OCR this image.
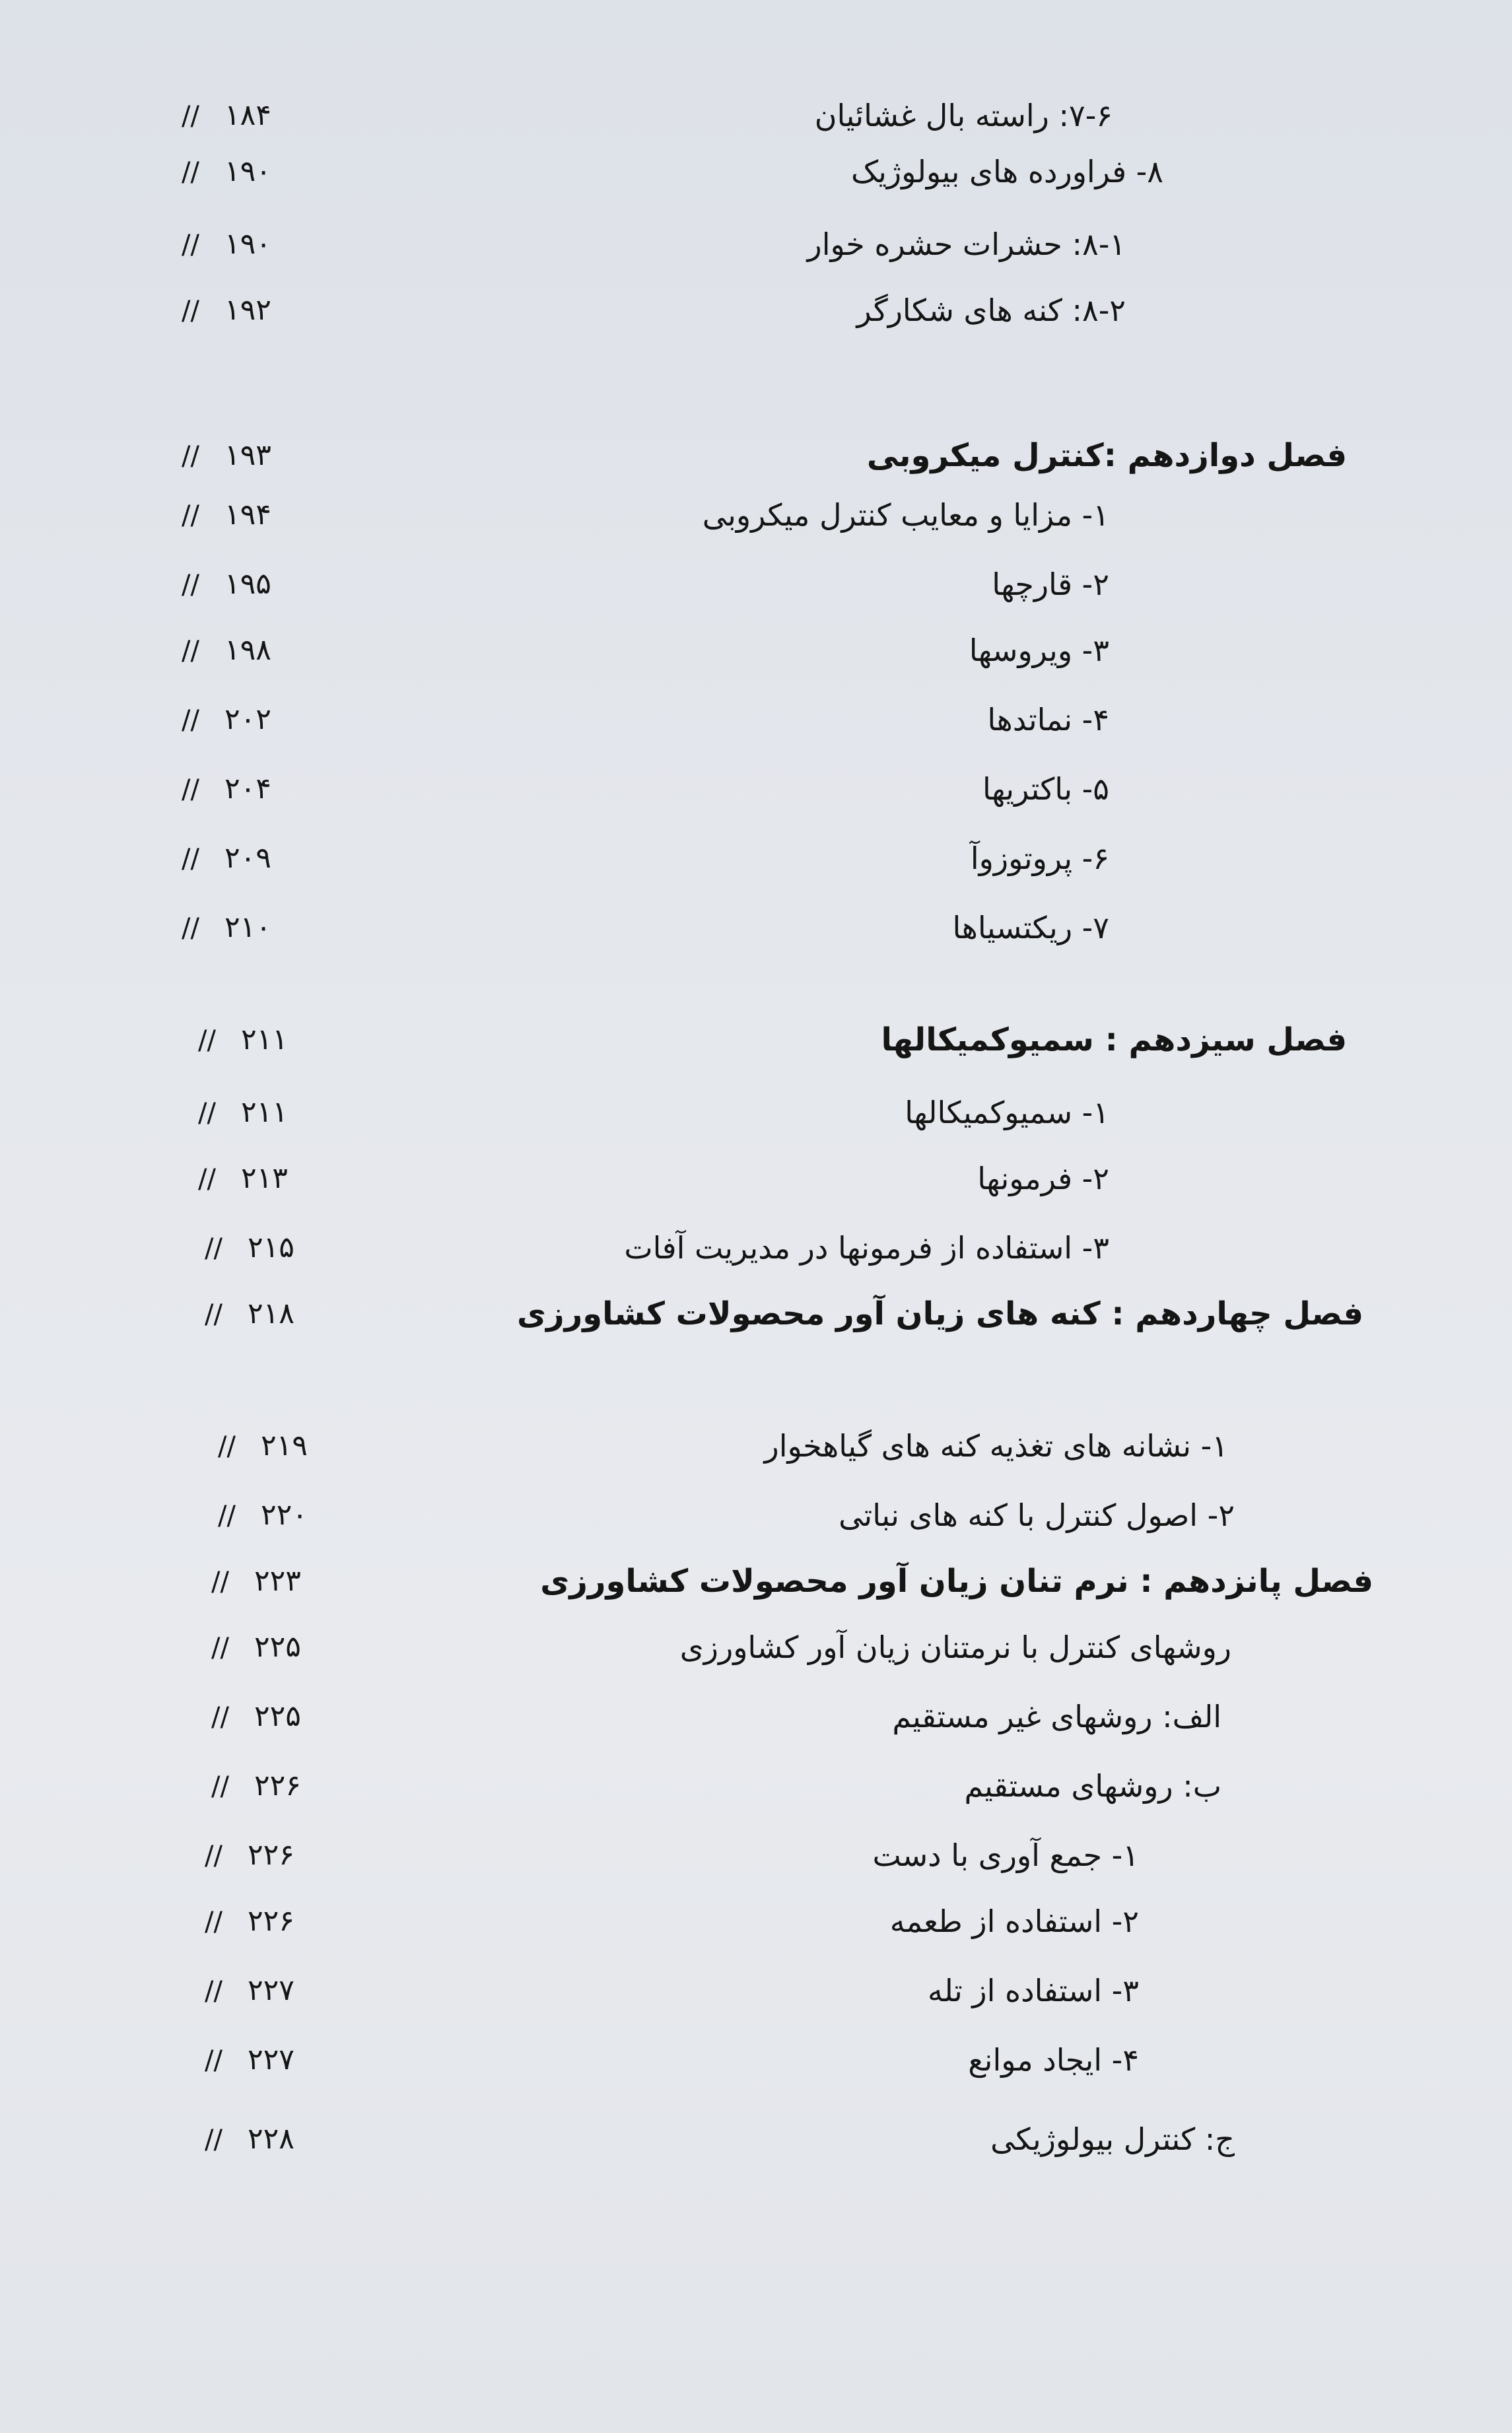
۷-۶: راسته بال غشائیان
// ۱۸۴
۸- فراورده های بیولوژیک
// ۱۹۰
۸-۱: حشرات حشره خوار
// ۱۹۰
۸-۲: کنه های شکارگر
// ۱۹۲
فصل دوازدهم :کنترل میکروبی
// ۱۹۳
۱- مزایا و معایب کنترل میکروبی
// ۱۹۴
۲- قارچها
// ۱۹۵
۳- ویروسها
// ۱۹۸
۴- نماتدها
// ۲۰۲
۵- باکتریها
// ۲۰۴
۶- پروتوزوآ
// ۲۰۹
۷- ریکتسیاها
// ۲۱۰
فصل سیزدهم : سمیوکمیکالها
// ۲۱۱
۱- سمیوکمیکالها
// ۲۱۱
۲- فرمونها
// ۲۱۳
۳- استفاده از فرمونها در مدیریت آفات
// ۲۱۵
فصل چهاردهم : کنه های زیان آور محصولات کشاورزی
// ۲۱۸
۱- نشانه های تغذیه کنه های گیاهخوار
// ۲۱۹
۲- اصول کنترل با کنه های نباتی
// ۲۲۰
فصل پانزدهم : نرم تنان زیان آور محصولات کشاورزی
// ۲۲۳
روشهای کنترل با نرمتنان زیان آور کشاورزی
// ۲۲۵
الف: روشهای غیر مستقیم
// ۲۲۵
ب: روشهای مستقیم
// ۲۲۶
۱- جمع آوری با دست
// ۲۲۶
۲- استفاده از طعمه
// ۲۲۶
۳- استفاده از تله
// ۲۲۷
۴- ایجاد موانع
// ۲۲۷
ج: کنترل بیولوژیکی
// ۲۲۸
